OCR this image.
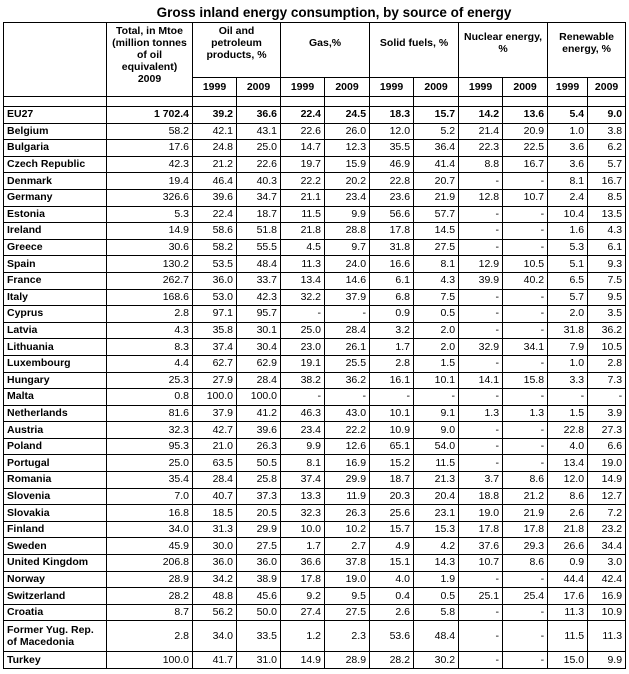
Gross inland energy consumption, by source of energy
	Total, in Mtoe (million tonnes of oil equivalent) 2009	Oil and petroleum products, %		Gas,%		Solid fuels, %		Nuclear energy, %		Renewable energy, %	
		1999	2009	1999	2009	1999	2009	1999	2009	1999	2009

EU27	1 702.4	39.2	36.6	22.4	24.5	18.3	15.7	14.2	13.6	5.4	9.0
Belgium	58.2	42.1	43.1	22.6	26.0	12.0	5.2	21.4	20.9	1.0	3.8
Bulgaria	17.6	24.8	25.0	14.7	12.3	35.5	36.4	22.3	22.5	3.6	6.2
Czech Republic	42.3	21.2	22.6	19.7	15.9	46.9	41.4	8.8	16.7	3.6	5.7
Denmark	19.4	46.4	40.3	22.2	20.2	22.8	20.7	-	-	8.1	16.7
Germany	326.6	39.6	34.7	21.1	23.4	23.6	21.9	12.8	10.7	2.4	8.5
Estonia	5.3	22.4	18.7	11.5	9.9	56.6	57.7	-	-	10.4	13.5
Ireland	14.9	58.6	51.8	21.8	28.8	17.8	14.5	-	-	1.6	4.3
Greece	30.6	58.2	55.5	4.5	9.7	31.8	27.5	-	-	5.3	6.1
Spain	130.2	53.5	48.4	11.3	24.0	16.6	8.1	12.9	10.5	5.1	9.3
France	262.7	36.0	33.7	13.4	14.6	6.1	4.3	39.9	40.2	6.5	7.5
Italy	168.6	53.0	42.3	32.2	37.9	6.8	7.5	-	-	5.7	9.5
Cyprus	2.8	97.1	95.7	-	-	0.9	0.5	-	-	2.0	3.5
Latvia	4.3	35.8	30.1	25.0	28.4	3.2	2.0	-	-	31.8	36.2
Lithuania	8.3	37.4	30.4	23.0	26.1	1.7	2.0	32.9	34.1	7.9	10.5
Luxembourg	4.4	62.7	62.9	19.1	25.5	2.8	1.5	-	-	1.0	2.8
Hungary	25.3	27.9	28.4	38.2	36.2	16.1	10.1	14.1	15.8	3.3	7.3
Malta	0.8	100.0	100.0	-	-	-	-	-	-	-	-
Netherlands	81.6	37.9	41.2	46.3	43.0	10.1	9.1	1.3	1.3	1.5	3.9
Austria	32.3	42.7	39.6	23.4	22.2	10.9	9.0	-	-	22.8	27.3
Poland	95.3	21.0	26.3	9.9	12.6	65.1	54.0	-	-	4.0	6.6
Portugal	25.0	63.5	50.5	8.1	16.9	15.2	11.5	-	-	13.4	19.0
Romania	35.4	28.4	25.8	37.4	29.9	18.7	21.3	3.7	8.6	12.0	14.9
Slovenia	7.0	40.7	37.3	13.3	11.9	20.3	20.4	18.8	21.2	8.6	12.7
Slovakia	16.8	18.5	20.5	32.3	26.3	25.6	23.1	19.0	21.9	2.6	7.2
Finland	34.0	31.3	29.9	10.0	10.2	15.7	15.3	17.8	17.8	21.8	23.2
Sweden	45.9	30.0	27.5	1.7	2.7	4.9	4.2	37.6	29.3	26.6	34.4
United Kingdom	206.8	36.0	36.0	36.6	37.8	15.1	14.3	10.7	8.6	0.9	3.0
Norway	28.9	34.2	38.9	17.8	19.0	4.0	1.9	-	-	44.4	42.4
Switzerland	28.2	48.8	45.6	9.2	9.5	0.4	0.5	25.1	25.4	17.6	16.9
Croatia	8.7	56.2	50.0	27.4	27.5	2.6	5.8	-	-	11.3	10.9

Former Yug. Rep.
of Macedonia	2.8	34.0	33.5	1.2	2.3	53.6	48.4	-	-	11.5	11.3
Turkey	100.0	41.7	31.0	14.9	28.9	28.2	30.2	-	-	15.0	9.9
